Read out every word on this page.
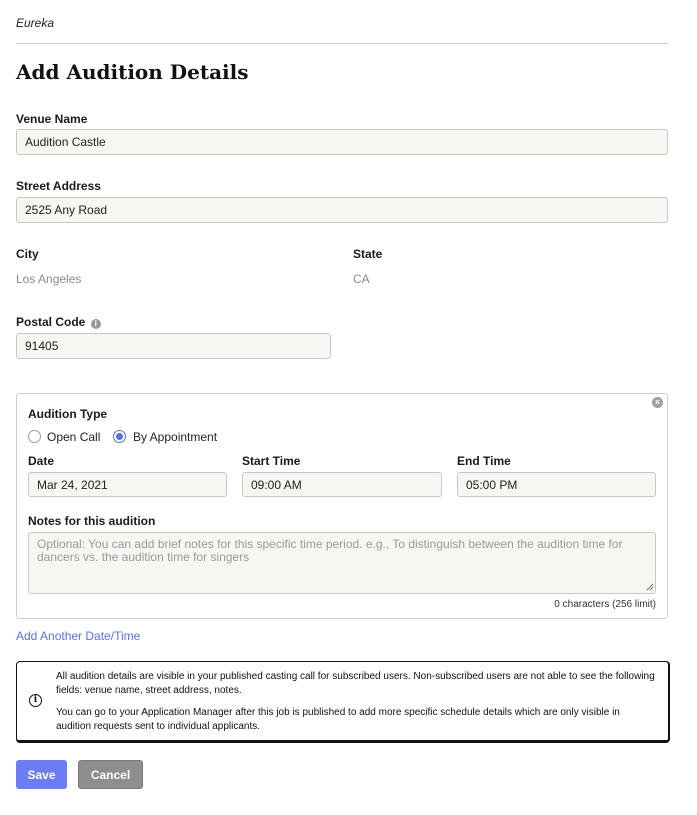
Eureka
Add Audition Details
Venue Name
Audition Castle
Street Address
2525 Any Road
City
Los Angeles
State
CA
Postal Code i
91405
×
Audition Type
Open Call	By Appointment
Date
Mar 24, 2021
Start Time
09:00 AM
End Time
05:00 PM
Notes for this audition
Optional: You can add brief notes for this specific time period. e.g., To distinguish between the audition time for dancers vs. the audition time for singers
0 characters (256 limit)
Add Another Date/Time
i
All audition details are visible in your published casting call for subscribed users. Non-subscribed users are not able to see the following fields: venue name, street address, notes.
You can go to your Application Manager after this job is published to add more specific schedule details which are only visible in audition requests sent to individual applicants.
Save	Cancel
